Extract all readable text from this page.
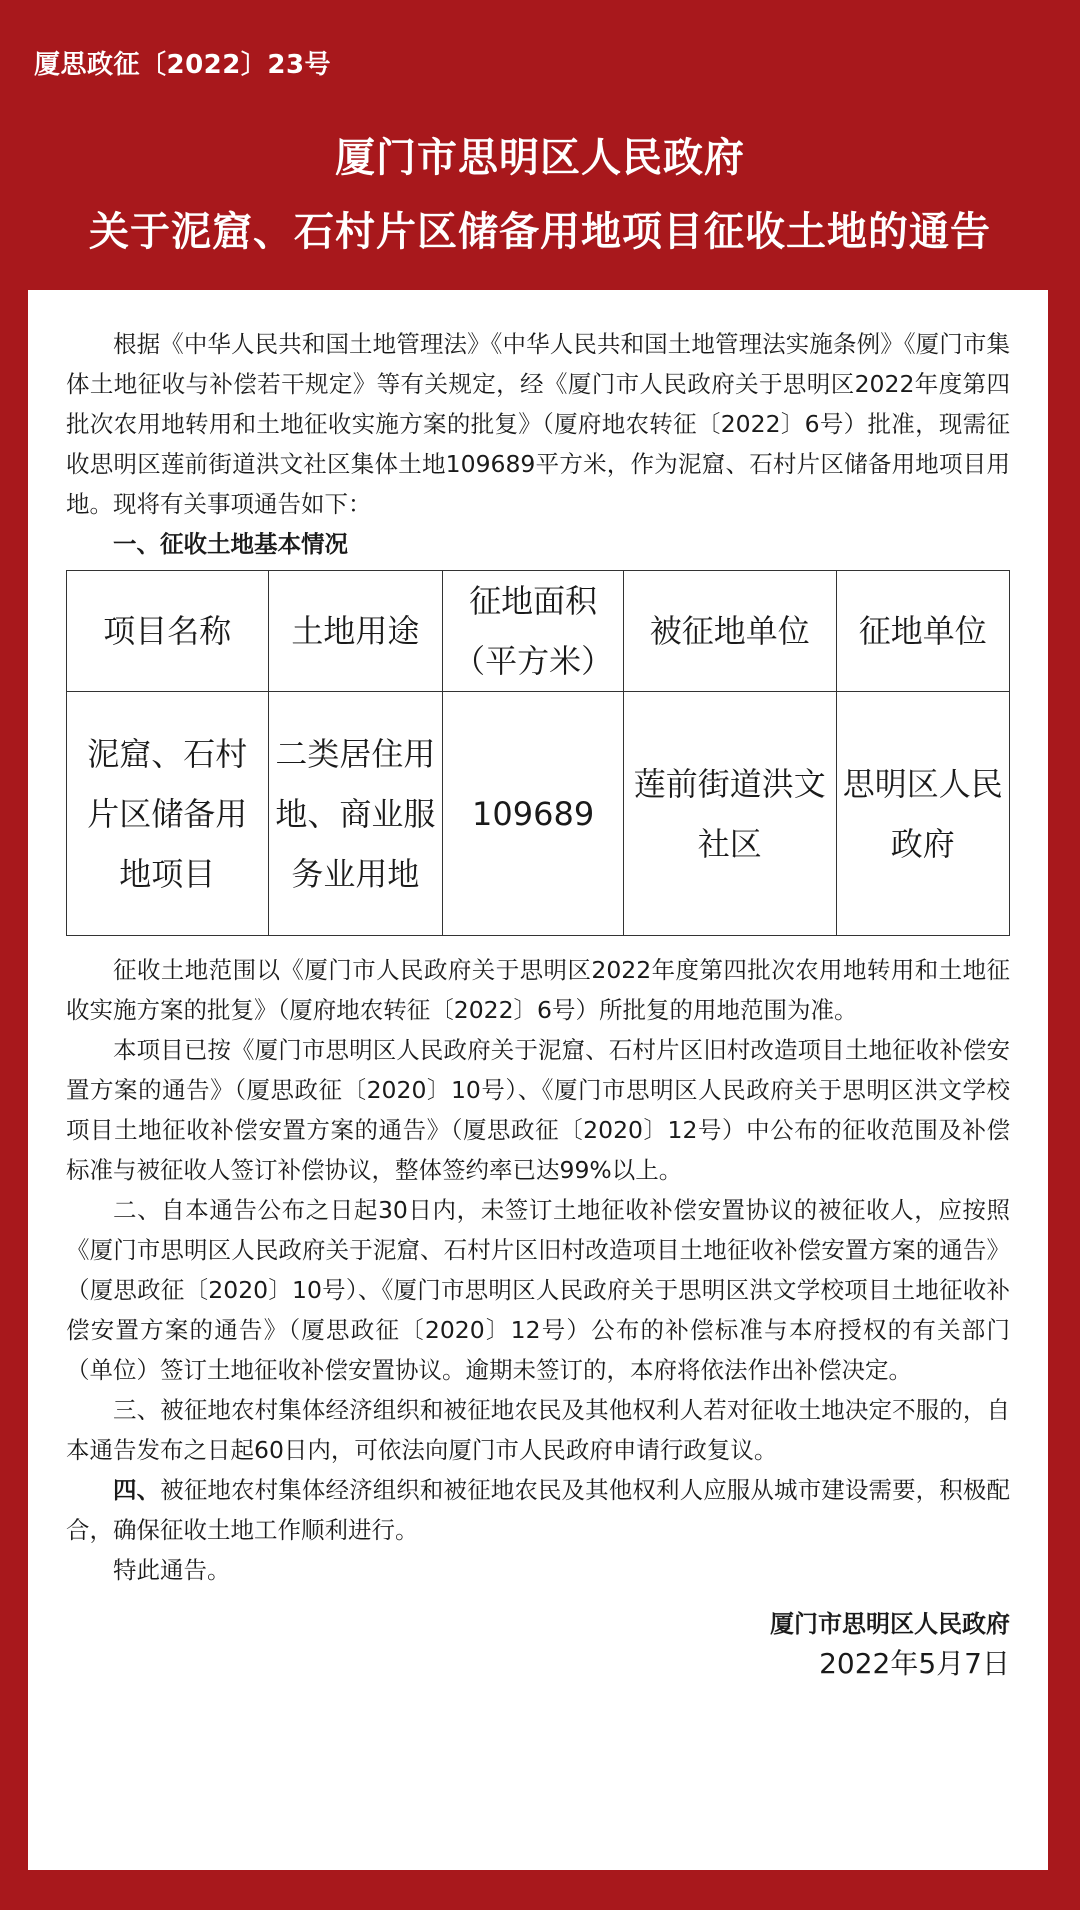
厦思政征〔2022〕23号
厦门市思明区人民政府
关于泥窟、石村片区储备用地项目征收土地的通告

根据《中华人民共和国土地管理法》《中华人民共和国土地管理法实施条例》《厦门市集体土地征收与补偿若干规定》等有关规定，经《厦门市人民政府关于思明区2022年度第四批次农用地转用和土地征收实施方案的批复》（厦府地农转征〔2022〕6号）批准，现需征收思明区莲前街道洪文社区集体土地109689平方米，作为泥窟、石村片区储备用地项目用地。现将有关事项通告如下：

一、征收土地基本情况

项目名称	土地用途	征地面积（平方米）	被征地单位	征地单位
泥窟、石村片区储备用地项目	二类居住用地、商业服务业用地	109689	莲前街道洪文社区	思明区人民政府

征收土地范围以《厦门市人民政府关于思明区2022年度第四批次农用地转用和土地征收实施方案的批复》（厦府地农转征〔2022〕6号）所批复的用地范围为准。

本项目已按《厦门市思明区人民政府关于泥窟、石村片区旧村改造项目土地征收补偿安置方案的通告》（厦思政征〔2020〕10号）、《厦门市思明区人民政府关于思明区洪文学校项目土地征收补偿安置方案的通告》（厦思政征〔2020〕12号）中公布的征收范围及补偿标准与被征收人签订补偿协议，整体签约率已达99%以上。

二、自本通告公布之日起30日内，未签订土地征收补偿安置协议的被征收人，应按照《厦门市思明区人民政府关于泥窟、石村片区旧村改造项目土地征收补偿安置方案的通告》（厦思政征〔2020〕10号）、《厦门市思明区人民政府关于思明区洪文学校项目土地征收补偿安置方案的通告》（厦思政征〔2020〕12号）公布的补偿标准与本府授权的有关部门（单位）签订土地征收补偿安置协议。逾期未签订的，本府将依法作出补偿决定。

三、被征地农村集体经济组织和被征地农民及其他权利人若对征收土地决定不服的，自本通告发布之日起60日内，可依法向厦门市人民政府申请行政复议。

四、被征地农村集体经济组织和被征地农民及其他权利人应服从城市建设需要，积极配合，确保征收土地工作顺利进行。

特此通告。

厦门市思明区人民政府
2022年5月7日
